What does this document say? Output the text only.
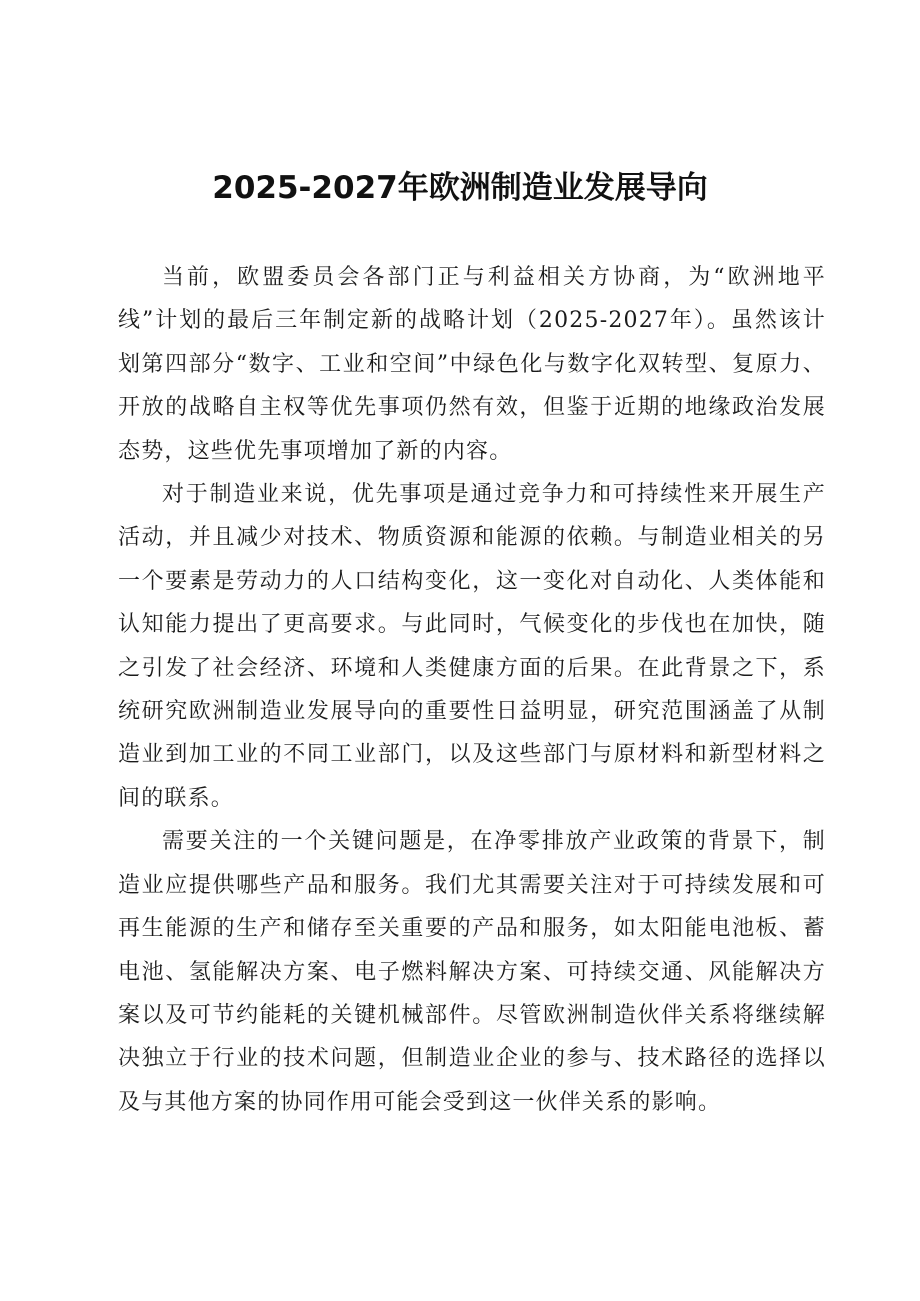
2025-2027年欧洲制造业发展导向

当前，欧盟委员会各部门正与利益相关方协商，为“欧洲地平线”计划的最后三年制定新的战略计划（2025-2027年）。虽然该计划第四部分“数字、工业和空间”中绿色化与数字化双转型、复原力、开放的战略自主权等优先事项仍然有效，但鉴于近期的地缘政治发展态势，这些优先事项增加了新的内容。

对于制造业来说，优先事项是通过竞争力和可持续性来开展生产活动，并且减少对技术、物质资源和能源的依赖。与制造业相关的另一个要素是劳动力的人口结构变化，这一变化对自动化、人类体能和认知能力提出了更高要求。与此同时，气候变化的步伐也在加快，随之引发了社会经济、环境和人类健康方面的后果。在此背景之下，系统研究欧洲制造业发展导向的重要性日益明显，研究范围涵盖了从制造业到加工业的不同工业部门，以及这些部门与原材料和新型材料之间的联系。

需要关注的一个关键问题是，在净零排放产业政策的背景下，制造业应提供哪些产品和服务。我们尤其需要关注对于可持续发展和可再生能源的生产和储存至关重要的产品和服务，如太阳能电池板、蓄电池、氢能解决方案、电子燃料解决方案、可持续交通、风能解决方案以及可节约能耗的关键机械部件。尽管欧洲制造伙伴关系将继续解决独立于行业的技术问题，但制造业企业的参与、技术路径的选择以及与其他方案的协同作用可能会受到这一伙伴关系的影响。
